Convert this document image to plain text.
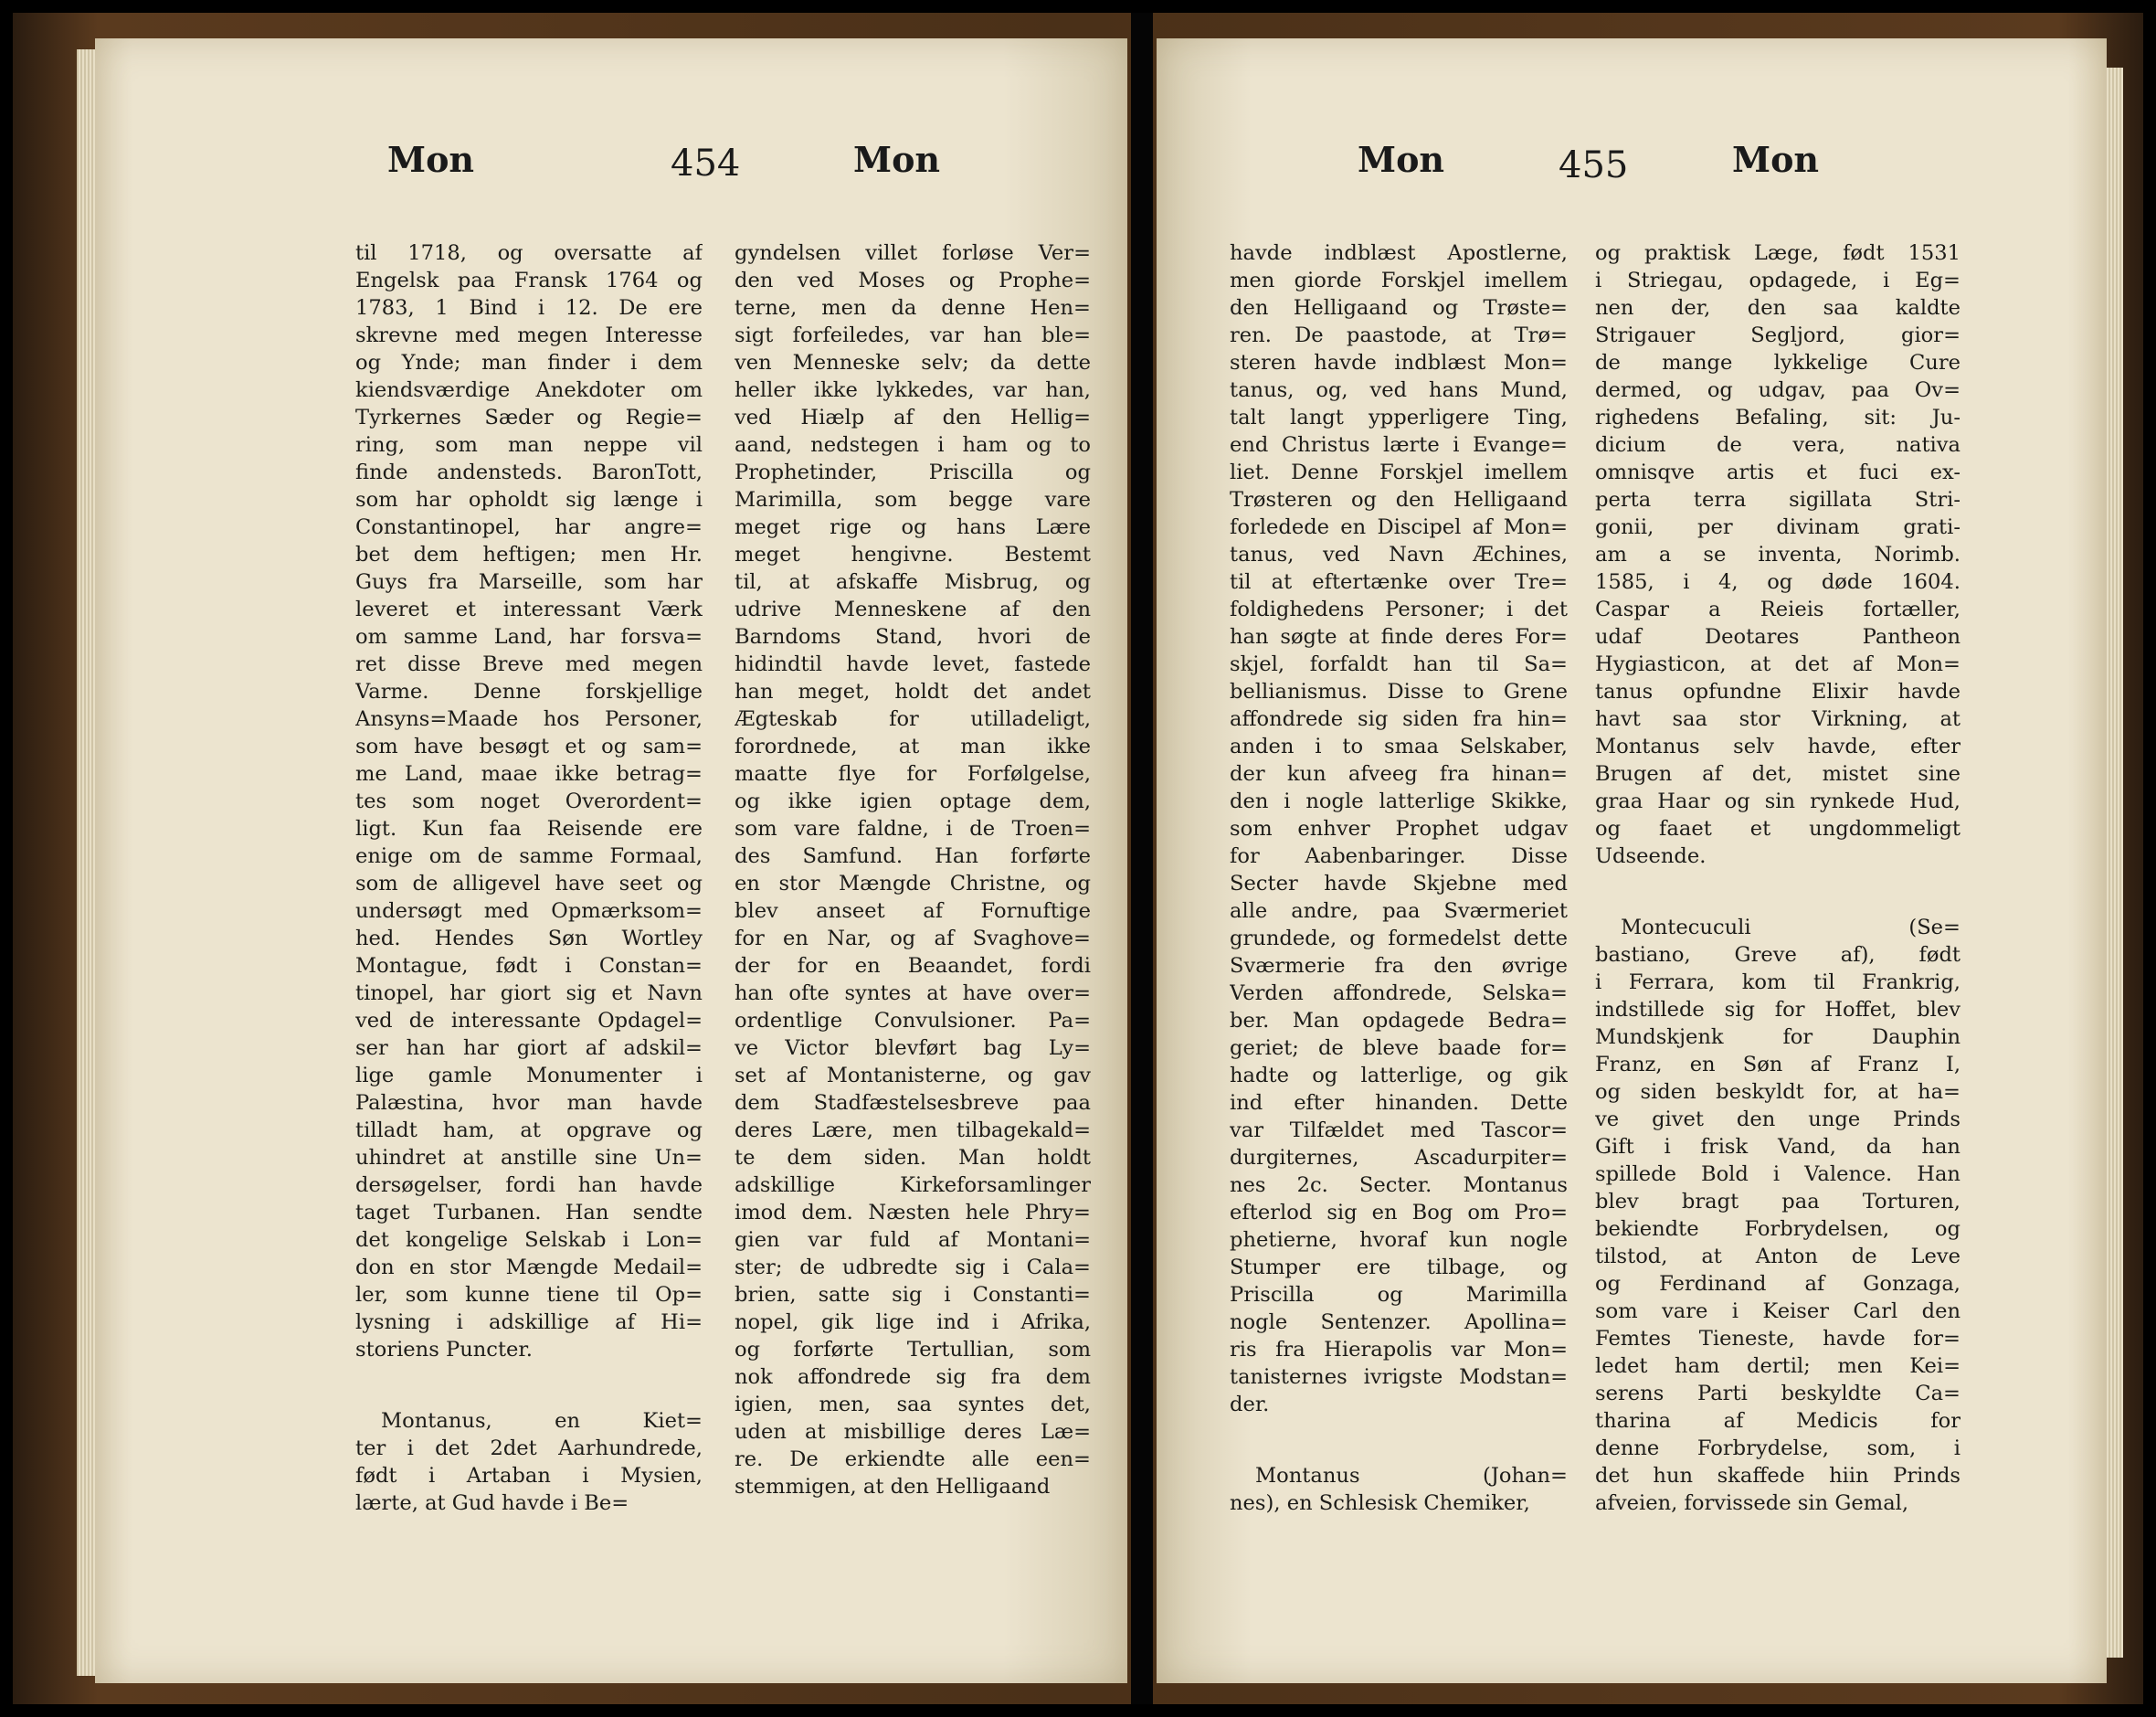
Mon	454	Mon
til 1718, og oversatte af
Engelsk paa Fransk 1764 og
1783, 1 Bind i 12. De ere
skrevne med megen Interesse
og Ynde; man finder i dem
kiendsværdige Anekdoter om
Tyrkernes Sæder og Regie=
ring, som man neppe vil
finde andensteds. BaronTott,
som har opholdt sig længe i
Constantinopel, har angre=
bet dem heftigen; men Hr.
Guys fra Marseille, som har
leveret et interessant Værk
om samme Land, har forsva=
ret disse Breve med megen
Varme. Denne forskjellige
Ansyns=Maade hos Personer,
som have besøgt et og sam=
me Land, maae ikke betrag=
tes som noget Overordent=
ligt. Kun faa Reisende ere
enige om de samme Formaal,
som de alligevel have seet og
undersøgt med Opmærksom=
hed. Hendes Søn Wortley
Montague, født i Constan=
tinopel, har giort sig et Navn
ved de interessante Opdagel=
ser han har giort af adskil=
lige gamle Monumenter i
Palæstina, hvor man havde
tilladt ham, at opgrave og
uhindret at anstille sine Un=
dersøgelser, fordi han havde
taget Turbanen. Han sendte
det kongelige Selskab i Lon=
don en stor Mængde Medail=
ler, som kunne tiene til Op=
lysning i adskillige af Hi=
storiens Puncter.
Montanus, en Kiet=
ter i det 2det Aarhundrede,
født i Artaban i Mysien,
lærte, at Gud havde i Be=
gyndelsen villet forløse Ver=
den ved Moses og Prophe=
terne, men da denne Hen=
sigt forfeiledes, var han ble=
ven Menneske selv; da dette
heller ikke lykkedes, var han,
ved Hiælp af den Hellig=
aand, nedstegen i ham og to
Prophetinder, Priscilla og
Marimilla, som begge vare
meget rige og hans Lære
meget hengivne. Bestemt
til, at afskaffe Misbrug, og
udrive Menneskene af den
Barndoms Stand, hvori de
hidindtil havde levet, fastede
han meget, holdt det andet
Ægteskab for utilladeligt,
forordnede, at man ikke
maatte flye for Forfølgelse,
og ikke igien optage dem,
som vare faldne, i de Troen=
des Samfund. Han forførte
en stor Mængde Christne, og
blev anseet af Fornuftige
for en Nar, og af Svaghove=
der for en Beaandet, fordi
han ofte syntes at have over=
ordentlige Convulsioner. Pa=
ve Victor blevført bag Ly=
set af Montanisterne, og gav
dem Stadfæstelsesbreve paa
deres Lære, men tilbagekald=
te dem siden. Man holdt
adskillige Kirkeforsamlinger
imod dem. Næsten hele Phry=
gien var fuld af Montani=
ster; de udbredte sig i Cala=
brien, satte sig i Constanti=
nopel, gik lige ind i Afrika,
og forførte Tertullian, som
nok affondrede sig fra dem
igien, men, saa syntes det,
uden at misbillige deres Læ=
re. De erkiendte alle een=
stemmigen, at den Helligaand
Mon	455	Mon
havde indblæst Apostlerne,
men giorde Forskjel imellem
den Helligaand og Trøste=
ren. De paastode, at Trø=
steren havde indblæst Mon=
tanus, og, ved hans Mund,
talt langt ypperligere Ting,
end Christus lærte i Evange=
liet. Denne Forskjel imellem
Trøsteren og den Helligaand
forledede en Discipel af Mon=
tanus, ved Navn Æchines,
til at eftertænke over Tre=
foldighedens Personer; i det
han søgte at finde deres For=
skjel, forfaldt han til Sa=
bellianismus. Disse to Grene
affondrede sig siden fra hin=
anden i to smaa Selskaber,
der kun afveeg fra hinan=
den i nogle latterlige Skikke,
som enhver Prophet udgav
for Aabenbaringer. Disse
Secter havde Skjebne med
alle andre, paa Sværmeriet
grundede, og formedelst dette
Sværmerie fra den øvrige
Verden affondrede, Selska=
ber. Man opdagede Bedra=
geriet; de bleve baade for=
hadte og latterlige, og gik
ind efter hinanden. Dette
var Tilfældet med Tascor=
durgiternes, Ascadurpiter=
nes 2c. Secter. Montanus
efterlod sig en Bog om Pro=
phetierne, hvoraf kun nogle
Stumper ere tilbage, og
Priscilla og Marimilla
nogle Sentenzer. Apollina=
ris fra Hierapolis var Mon=
tanisternes ivrigste Modstan=
der.
Montanus (Johan=
nes), en Schlesisk Chemiker,
og praktisk Læge, født 1531
i Striegau, opdagede, i Eg=
nen der, den saa kaldte
Strigauer Segljord, gior=
de mange lykkelige Cure
dermed, og udgav, paa Ov=
righedens Befaling, sit: Ju-
dicium de vera, nativa
omnisqve artis et fuci ex-
perta terra sigillata Stri-
gonii, per divinam grati-
am a se inventa, Norimb.
1585, i 4, og døde 1604.
Caspar a Reieis fortæller,
udaf Deotares Pantheon
Hygiasticon, at det af Mon=
tanus opfundne Elixir havde
havt saa stor Virkning, at
Montanus selv havde, efter
Brugen af det, mistet sine
graa Haar og sin rynkede Hud,
og faaet et ungdommeligt
Udseende.
Montecuculi (Se=
bastiano, Greve af), født
i Ferrara, kom til Frankrig,
indstillede sig for Hoffet, blev
Mundskjenk for Dauphin
Franz, en Søn af Franz I,
og siden beskyldt for, at ha=
ve givet den unge Prinds
Gift i frisk Vand, da han
spillede Bold i Valence. Han
blev bragt paa Torturen,
bekiendte Forbrydelsen, og
tilstod, at Anton de Leve
og Ferdinand af Gonzaga,
som vare i Keiser Carl den
Femtes Tieneste, havde for=
ledet ham dertil; men Kei=
serens Parti beskyldte Ca=
tharina af Medicis for
denne Forbrydelse, som, i
det hun skaffede hiin Prinds
afveien, forvissede sin Gemal,
